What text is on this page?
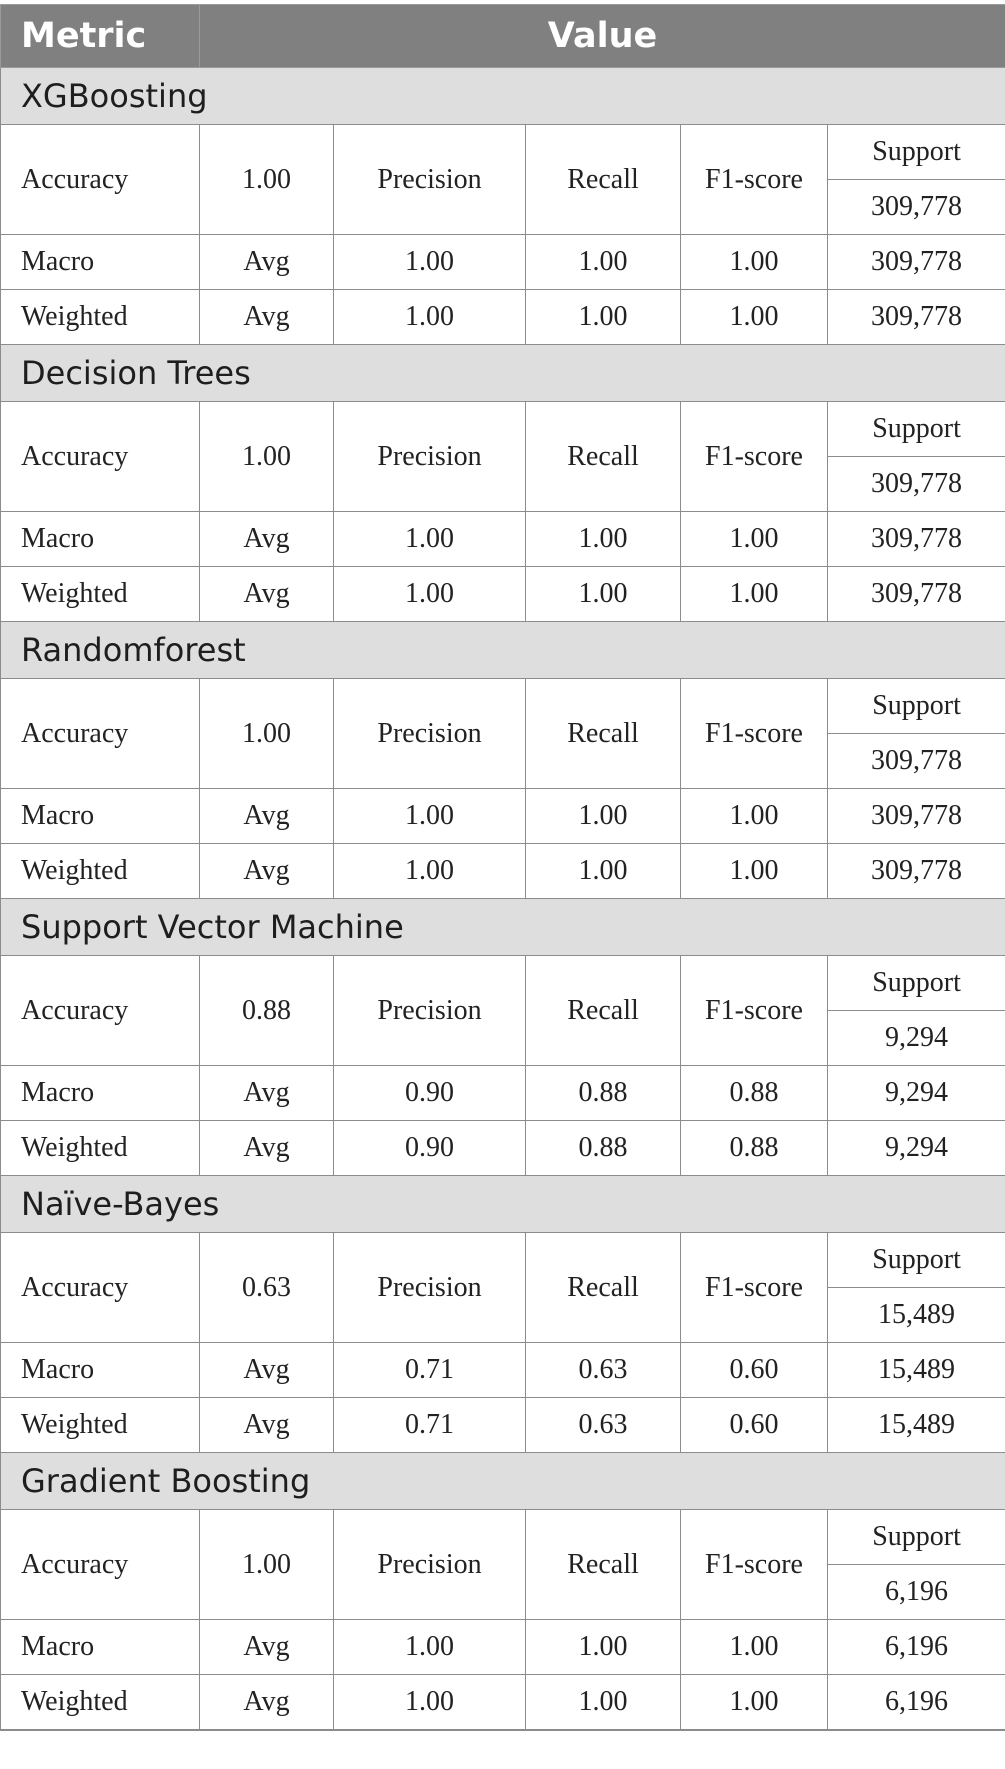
Metric	Value				
XGBoosting					
Accuracy	1.00	Precision	Recall	F1-score	Support
					309,778
Macro	Avg	1.00	1.00	1.00	309,778
Weighted	Avg	1.00	1.00	1.00	309,778
Decision Trees					
Accuracy	1.00	Precision	Recall	F1-score	Support
					309,778
Macro	Avg	1.00	1.00	1.00	309,778
Weighted	Avg	1.00	1.00	1.00	309,778
Randomforest					
Accuracy	1.00	Precision	Recall	F1-score	Support
					309,778
Macro	Avg	1.00	1.00	1.00	309,778
Weighted	Avg	1.00	1.00	1.00	309,778
Support Vector Machine					
Accuracy	0.88	Precision	Recall	F1-score	Support
					9,294
Macro	Avg	0.90	0.88	0.88	9,294
Weighted	Avg	0.90	0.88	0.88	9,294
Naïve-Bayes					
Accuracy	0.63	Precision	Recall	F1-score	Support
					15,489
Macro	Avg	0.71	0.63	0.60	15,489
Weighted	Avg	0.71	0.63	0.60	15,489
Gradient Boosting					
Accuracy	1.00	Precision	Recall	F1-score	Support
					6,196
Macro	Avg	1.00	1.00	1.00	6,196
Weighted	Avg	1.00	1.00	1.00	6,196
